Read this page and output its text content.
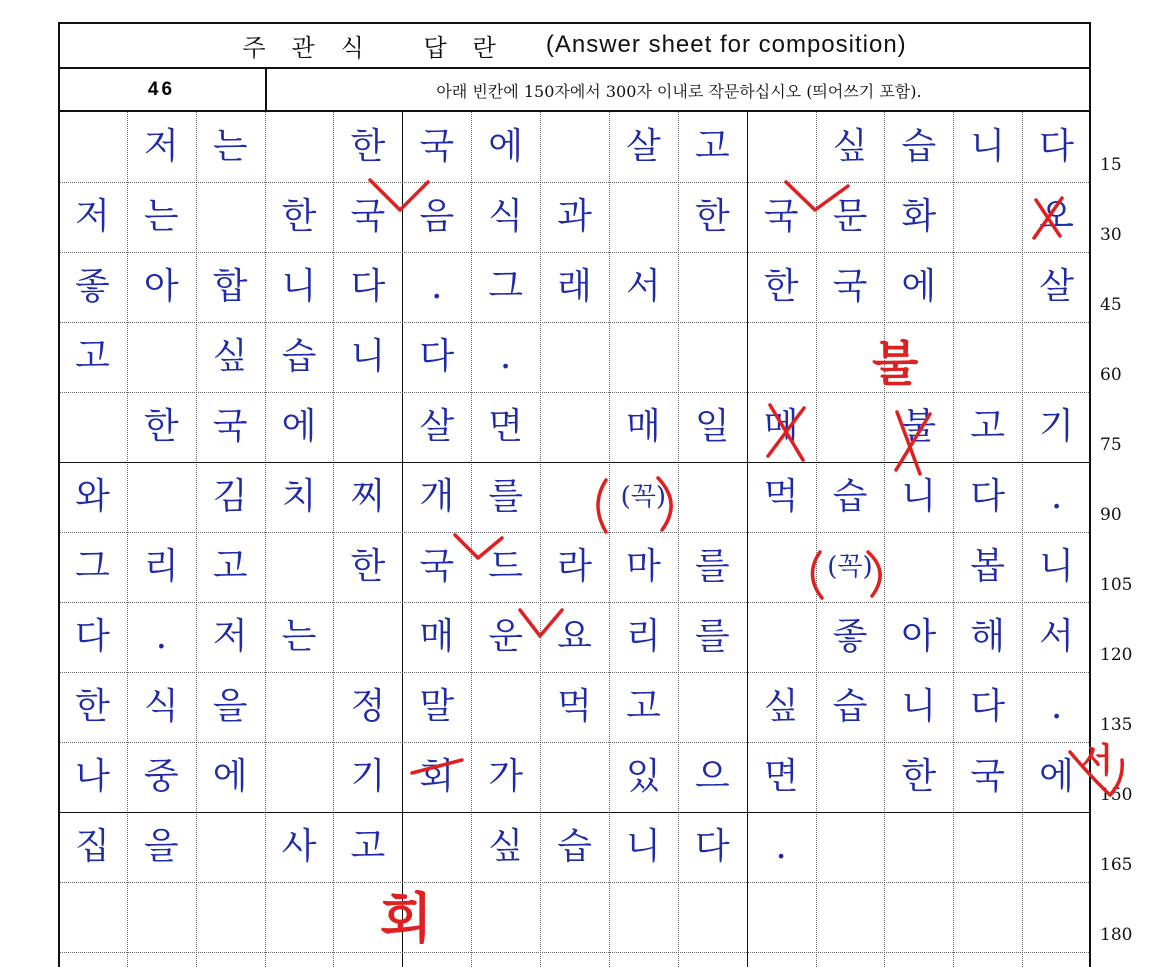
주관식 답란 (Answer sheet for composition)
46	아래 빈칸에 150자에서 300자 이내로 작문하십시오 (띄어쓰기 포함).
저 는	한 국 에	살 고	싶 습 니 다
저 는	한 국 음 식 과	한 국 문 화	오
좋 아 합 니 다	.	그 래 서	한 국 에	살
고	싶 습 니 다	.
한 국 에	살 면	매 일 메	불 고 기
와	김 치 찌 개 를	(꼭)	먹 습 니 다	.
그 리 고	한 국 드 라 마 를	(꼭)	봅 니
다	.	저 는	매 운 요 리 를	좋 아 해 서
한 식 을	정 말	먹 고	싶 습 니 다	.
나 중 에	기 회 가	있 으 면	한 국 에
집 을	사 고	싶 습 니 다	.
15
30
45
60
75
90
105
120
135
150
165
180
불
회
서
